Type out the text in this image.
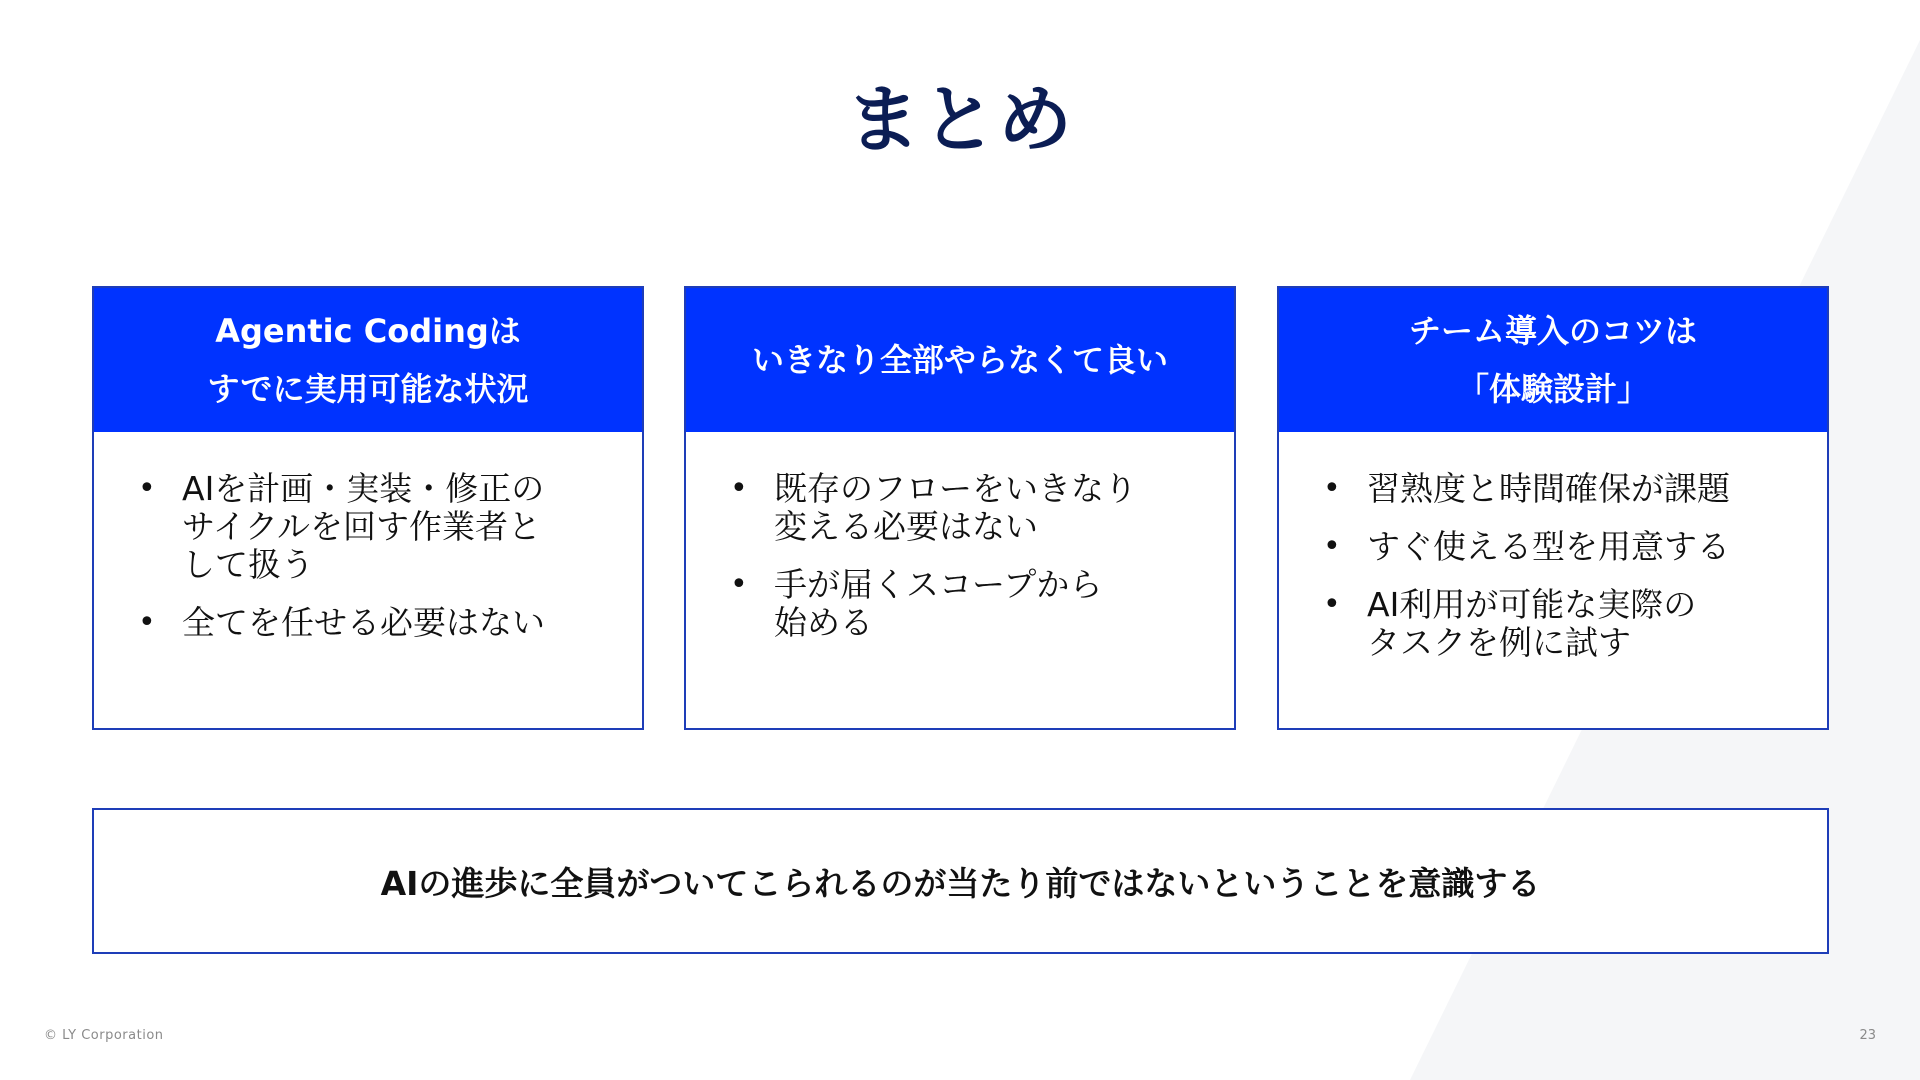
まとめ
Agentic Codingは
すでに実用可能な状況
• AIを計画・実装・修正の
サイクルを回す作業者と
して扱う
• 全てを任せる必要はない
いきなり全部やらなくて良い
• 既存のフローをいきなり
変える必要はない
• 手が届くスコープから
始める
チーム導入のコツは
「体験設計」
• 習熟度と時間確保が課題
• すぐ使える型を用意する
• AI利用が可能な実際の
タスクを例に試す
AIの進歩に全員がついてこられるのが当たり前ではないということを意識する
© LY Corporation	23
